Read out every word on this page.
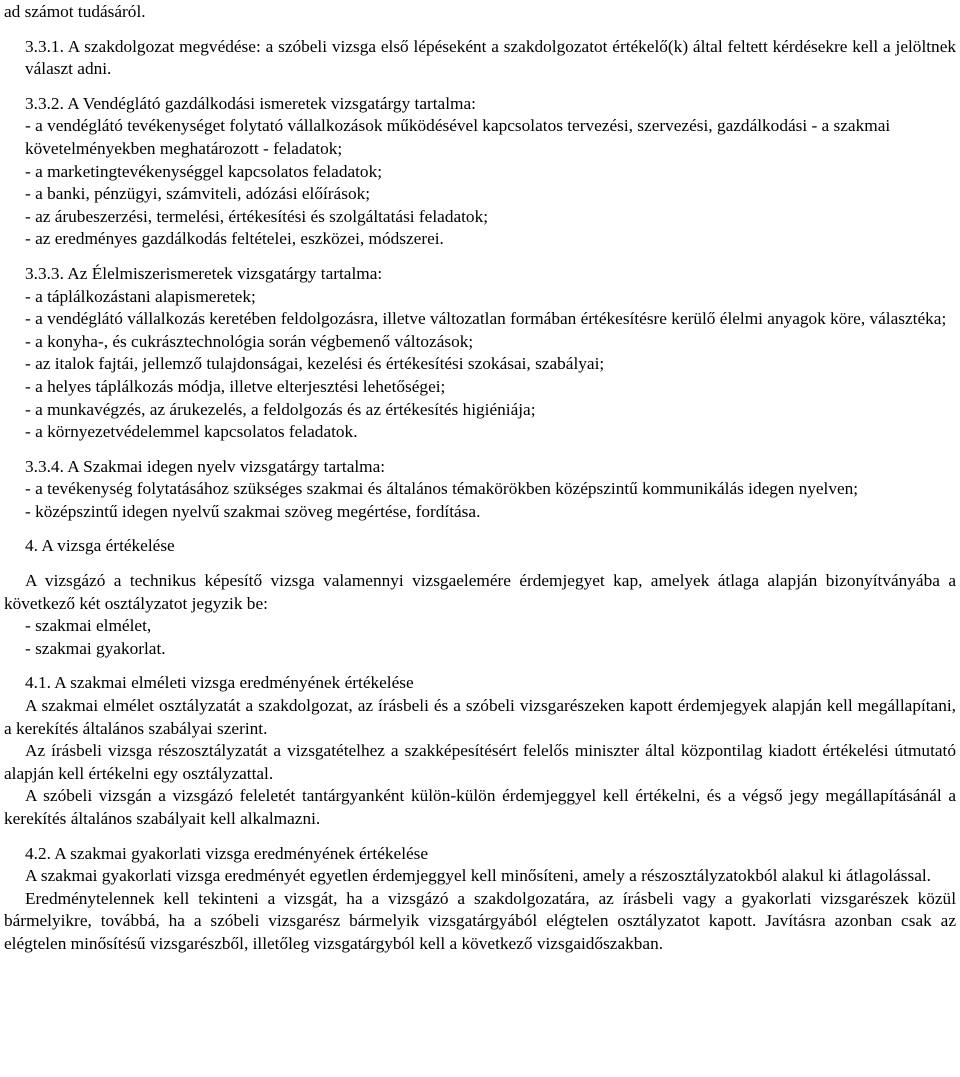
ad számot tudásáról.

3.3.1. A szakdolgozat megvédése: a szóbeli vizsga első lépéseként a szakdolgozatot értékelő(k) által feltett kérdésekre kell a jelöltnek választ adni.

3.3.2. A Vendéglátó gazdálkodási ismeretek vizsgatárgy tartalma:

- a vendéglátó tevékenységet folytató vállalkozások működésével kapcsolatos tervezési, szervezési, gazdálkodási - a szakmai követelményekben meghatározott - feladatok;

- a marketingtevékenységgel kapcsolatos feladatok;

- a banki, pénzügyi, számviteli, adózási előírások;

- az árubeszerzési, termelési, értékesítési és szolgáltatási feladatok;

- az eredményes gazdálkodás feltételei, eszközei, módszerei.

3.3.3. Az Élelmiszerismeretek vizsgatárgy tartalma:

- a táplálkozástani alapismeretek;

- a vendéglátó vállalkozás keretében feldolgozásra, illetve változatlan formában értékesítésre kerülő élelmi anyagok köre, választéka;

- a konyha-, és cukrásztechnológia során végbemenő változások;

- az italok fajtái, jellemző tulajdonságai, kezelési és értékesítési szokásai, szabályai;

- a helyes táplálkozás módja, illetve elterjesztési lehetőségei;

- a munkavégzés, az árukezelés, a feldolgozás és az értékesítés higiéniája;

- a környezetvédelemmel kapcsolatos feladatok.

3.3.4. A Szakmai idegen nyelv vizsgatárgy tartalma:

- a tevékenység folytatásához szükséges szakmai és általános témakörökben középszintű kommunikálás idegen nyelven;

- középszintű idegen nyelvű szakmai szöveg megértése, fordítása.

4. A vizsga értékelése

A vizsgázó a technikus képesítő vizsga valamennyi vizsgaelemére érdemjegyet kap, amelyek átlaga alapján bizonyítványába a következő két osztályzatot jegyzik be:

- szakmai elmélet,

- szakmai gyakorlat.

4.1. A szakmai elméleti vizsga eredményének értékelése

A szakmai elmélet osztályzatát a szakdolgozat, az írásbeli és a szóbeli vizsgarészeken kapott érdemjegyek alapján kell megállapítani, a kerekítés általános szabályai szerint.

Az írásbeli vizsga részosztályzatát a vizsgatételhez a szakképesítésért felelős miniszter által központilag kiadott értékelési útmutató alapján kell értékelni egy osztályzattal.

A szóbeli vizsgán a vizsgázó feleletét tantárgyanként külön-külön érdemjeggyel kell értékelni, és a végső jegy megállapításánál a kerekítés általános szabályait kell alkalmazni.

4.2. A szakmai gyakorlati vizsga eredményének értékelése

A szakmai gyakorlati vizsga eredményét egyetlen érdemjeggyel kell minősíteni, amely a részosztályzatokból alakul ki átlagolással.

Eredménytelennek kell tekinteni a vizsgát, ha a vizsgázó a szakdolgozatára, az írásbeli vagy a gyakorlati vizsgarészek közül bármelyikre, továbbá, ha a szóbeli vizsgarész bármelyik vizsgatárgyából elégtelen osztályzatot kapott. Javításra azonban csak az elégtelen minősítésű vizsgarészből, illetőleg vizsgatárgyból kell a következő vizsgaidőszakban.
